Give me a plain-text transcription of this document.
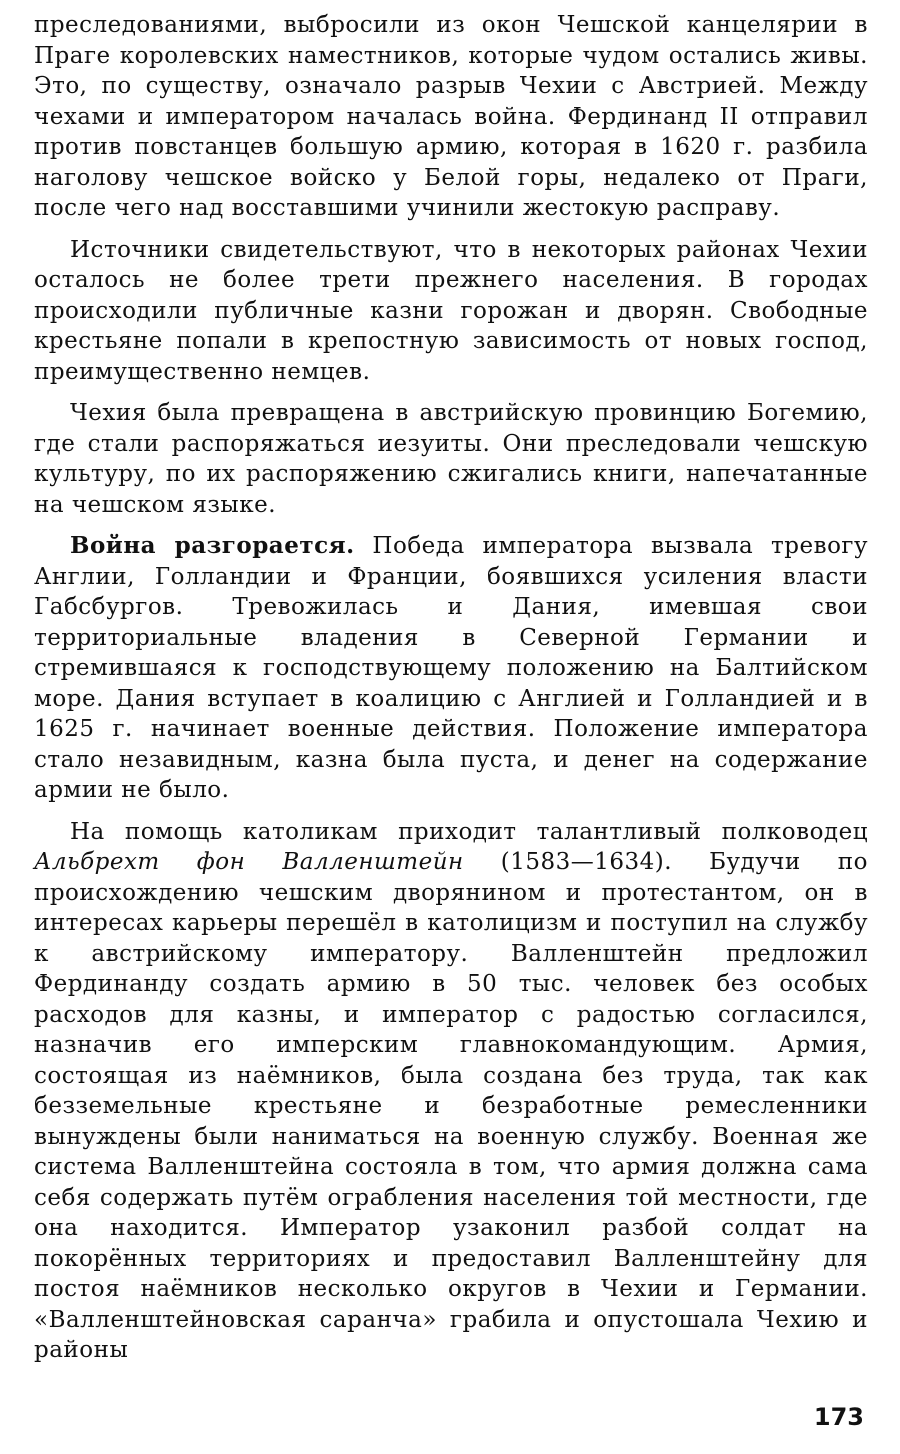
преследованиями, выбросили из окон Чешской канцелярии в Праге королевских наместников, которые чудом остались живы. Это, по существу, означало разрыв Чехии с Австрией. Между чехами и императором началась война. Фердинанд II отправил против повстанцев большую армию, которая в 1620 г. разбила наголову чешское войско у Белой горы, недалеко от Праги, после чего над восставшими учинили жестокую расправу.

Источники свидетельствуют, что в некоторых районах Чехии осталось не более трети прежнего населения. В городах происходили публичные казни горожан и дворян. Свободные крестьяне попали в крепостную зависимость от новых господ, преимущественно немцев.

Чехия была превращена в австрийскую провинцию Богемию, где стали распоряжаться иезуиты. Они преследовали чешскую культуру, по их распоряжению сжигались книги, напечатанные на чешском языке.

Война разгорается. Победа императора вызвала тревогу Англии, Голландии и Франции, боявшихся усиления власти Габсбургов. Тревожилась и Дания, имевшая свои территориальные владения в Северной Германии и стремившаяся к господствующему положению на Балтийском море. Дания вступает в коалицию с Англией и Голландией и в 1625 г. начинает военные действия. Положение императора стало незавидным, казна была пуста, и денег на содержание армии не было.

На помощь католикам приходит талантливый полководец Альбрехт фон Валленштейн (1583—1634). Будучи по происхождению чешским дворянином и протестантом, он в интересах карьеры перешёл в католицизм и поступил на службу к австрийскому императору. Валленштейн предложил Фердинанду создать армию в 50 тыс. человек без особых расходов для казны, и император с радостью согласился, назначив его имперским главнокомандующим. Армия, состоящая из наёмников, была создана без труда, так как безземельные крестьяне и безработные ремесленники вынуждены были наниматься на военную службу. Военная же система Валленштейна состояла в том, что армия должна сама себя содержать путём ограбления населения той местности, где она находится. Император узаконил разбой солдат на покорённых территориях и предоставил Валленштейну для постоя наёмников несколько округов в Чехии и Германии. «Валленштейновская саранча» грабила и опустошала Чехию и районы

173
